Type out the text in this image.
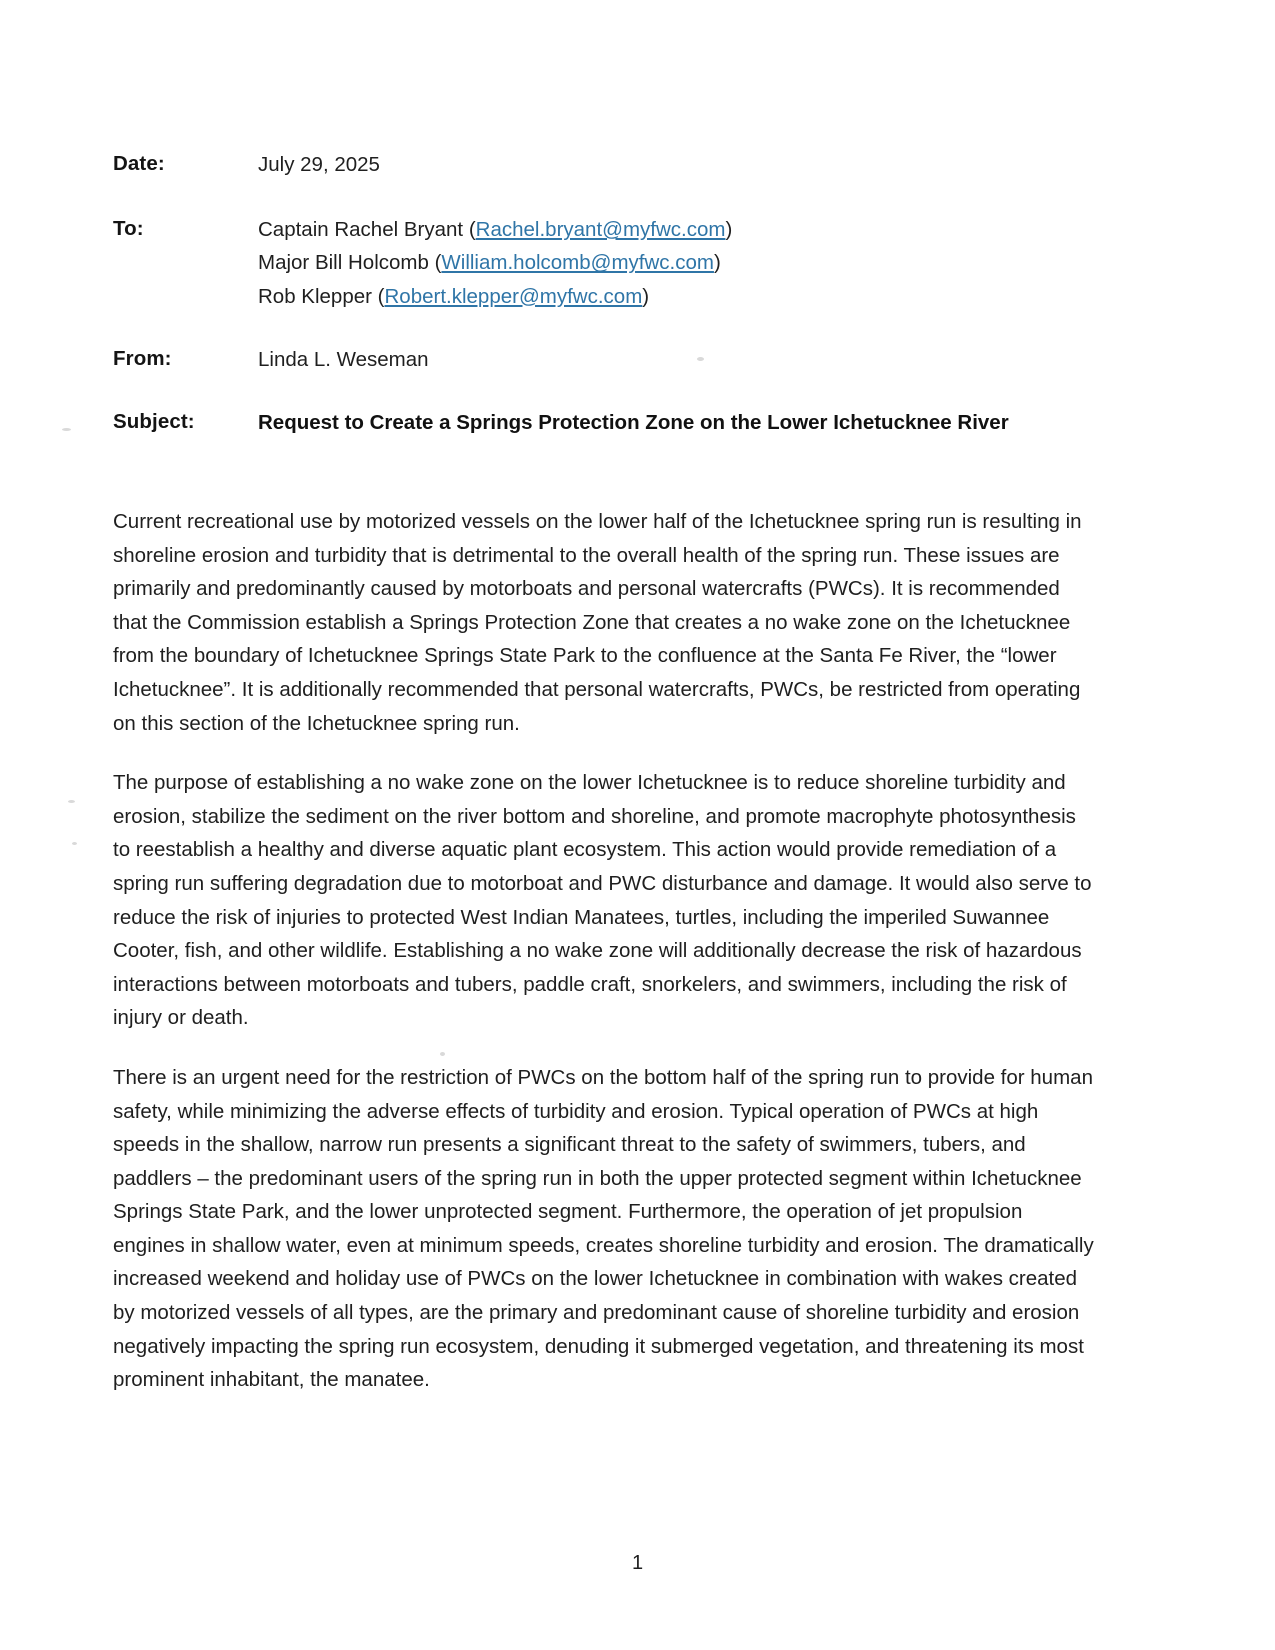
Date:	July 29, 2025
To:	Captain Rachel Bryant (Rachel.bryant@myfwc.com)
Major Bill Holcomb (William.holcomb@myfwc.com)
Rob Klepper (Robert.klepper@myfwc.com)
From:	Linda L. Weseman
Subject:	Request to Create a Springs Protection Zone on the Lower Ichetucknee River

Current recreational use by motorized vessels on the lower half of the Ichetucknee spring run is resulting in shoreline erosion and turbidity that is detrimental to the overall health of the spring run. These issues are primarily and predominantly caused by motorboats and personal watercrafts (PWCs). It is recommended that the Commission establish a Springs Protection Zone that creates a no wake zone on the Ichetucknee from the boundary of Ichetucknee Springs State Park to the confluence at the Santa Fe River, the “lower Ichetucknee”. It is additionally recommended that personal watercrafts, PWCs, be restricted from operating on this section of the Ichetucknee spring run.

The purpose of establishing a no wake zone on the lower Ichetucknee is to reduce shoreline turbidity and erosion, stabilize the sediment on the river bottom and shoreline, and promote macrophyte photosynthesis to reestablish a healthy and diverse aquatic plant ecosystem. This action would provide remediation of a spring run suffering degradation due to motorboat and PWC disturbance and damage. It would also serve to reduce the risk of injuries to protected West Indian Manatees, turtles, including the imperiled Suwannee Cooter, fish, and other wildlife. Establishing a no wake zone will additionally decrease the risk of hazardous interactions between motorboats and tubers, paddle craft, snorkelers, and swimmers, including the risk of injury or death.

There is an urgent need for the restriction of PWCs on the bottom half of the spring run to provide for human safety, while minimizing the adverse effects of turbidity and erosion. Typical operation of PWCs at high speeds in the shallow, narrow run presents a significant threat to the safety of swimmers, tubers, and paddlers – the predominant users of the spring run in both the upper protected segment within Ichetucknee Springs State Park, and the lower unprotected segment. Furthermore, the operation of jet propulsion engines in shallow water, even at minimum speeds, creates shoreline turbidity and erosion. The dramatically increased weekend and holiday use of PWCs on the lower Ichetucknee in combination with wakes created by motorized vessels of all types, are the primary and predominant cause of shoreline turbidity and erosion negatively impacting the spring run ecosystem, denuding it submerged vegetation, and threatening its most prominent inhabitant, the manatee.

1
